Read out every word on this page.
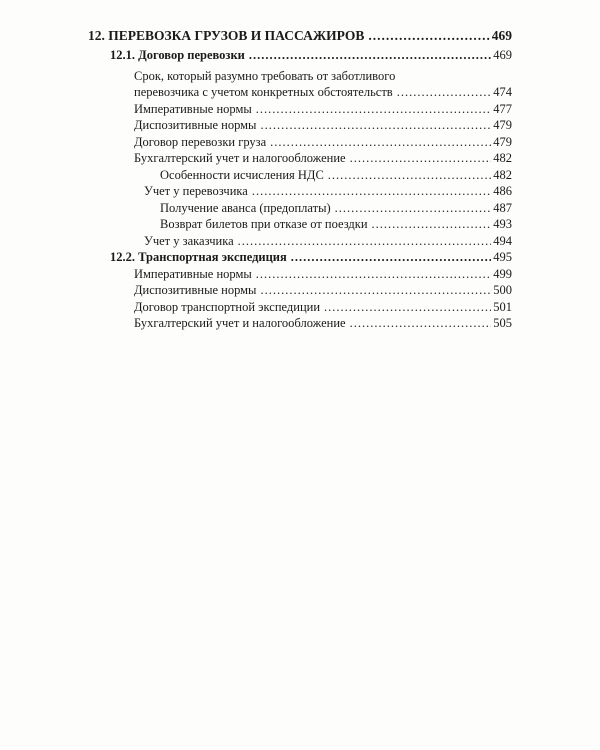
12. ПЕРЕВОЗКА ГРУЗОВ И ПАССАЖИРОВ .....	469
12.1. Договор перевозки .....	469
Срок, который разумно требовать от заботливого
перевозчика с учетом конкретных обстоятельств .....	474
Императивные нормы .....	477
Диспозитивные нормы .....	479
Договор перевозки груза .....	479
Бухгалтерский учет и налогообложение .....	482
Особенности исчисления НДС .....	482
Учет у перевозчика .....	486
Получение аванса (предоплаты) .....	487
Возврат билетов при отказе от поездки .....	493
Учет у заказчика .....	494
12.2. Транспортная экспедиция .....	495
Императивные нормы .....	499
Диспозитивные нормы .....	500
Договор транспортной экспедиции .....	501
Бухгалтерский учет и налогообложение .....	505
